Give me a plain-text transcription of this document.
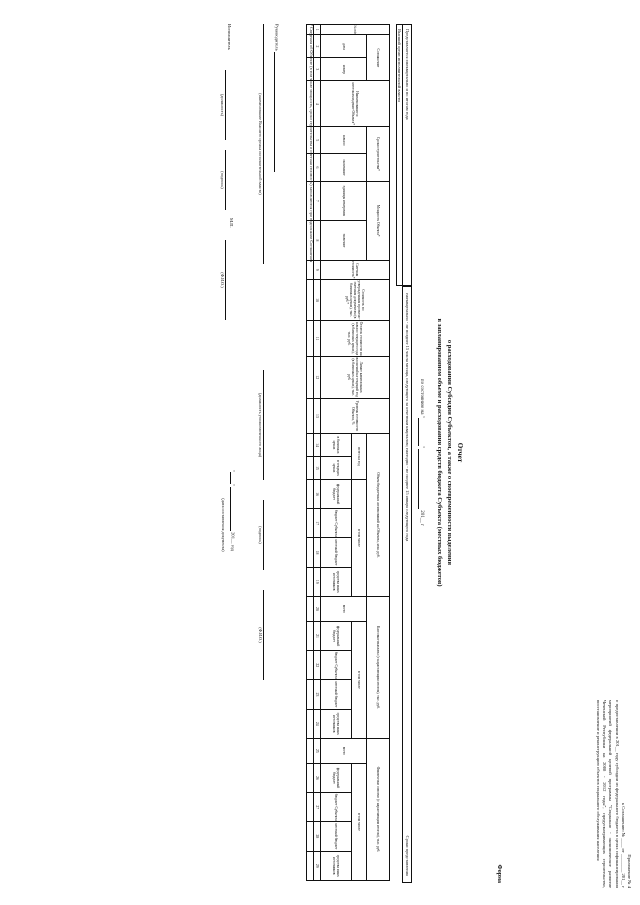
Приложение № 4
к Соглашению № ____ от ________ 201__ г
о предоставлении в 201__ году субсидии из федерального бюджета в целях софинансирования мероприятий федеральной целевой программы "Социально - экономическое развитие Чеченской Республики на 2008 - 2012 годы", предусматривающих строительство, восстановление и реконструкцию объектов социального обслуживания населения
Форма
Отчет
о расходовании Субсидии Субъектом, а также о своевременности выделения
в запланированном объеме и расходовании средств бюджета Субъекта (местных бюджетов)
по состоянию на ""  201__ г
Представляется ежеквартально и по итогам года
Высший орган исполнительной власти
ежеквартально - не позднее 15 числа месяца, следующего за отчетным кварталом; ежегодно - не позднее 15 января следующего года
Сроки представления
№ п/п	Соглашение		Наименование и местонахождение Объекта*	Сроки строительства*		Мощность Объекта*		Сметная стоимость*	Стоимость по утвержденным проектно-сметным документам (в базисных ценах), тыс. руб.*	Остаток стоимости на начало текущего года (в базисных ценах), тыс. руб.	Лимит капитальных вложений на текущий год (в базисных ценах), тыс. руб.	Уровень готовности Объекта, %	Объем бюджетных ассигнований на Объекты, млн. руб.						Кассовые выплаты (с нарастающим итогом), тыс. руб.					Фактически освоено (с нарастающим итогом), тыс. руб.				
	дата	номер		начало	окончание	единицы измерения	значение						всего на год		в том числе				всего	в том числе				всего	в том числе			
													в базисных ценах	в текущих ценах	федеральный бюджет	бюджет Субъекта	местный бюджет	средства иных источников		федеральный бюджет	бюджет Субъекта	местный бюджет	средства иных источников		федеральный бюджет	бюджет Субъекта	местный бюджет	средства иных источников
1	2	3	4	5	6	7	8	9	10	11	12	13	14	15	16	17	18	19	20	21	22	23	24	25	26	27	28	29

* Сведения об Объекте (в том числе мощность, сроки строительства и сметная стоимость) заполняются при подписании Соглашения
Руководитель
(наименование Высшего органа исполнительной власти)
(должность уполномоченного лица)
(подпись)
(Ф.И.О.)
Исполнитель
(должность)
(подпись)
М.П.
(Ф.И.О.)
""  201__ год
(дата составления документа)
